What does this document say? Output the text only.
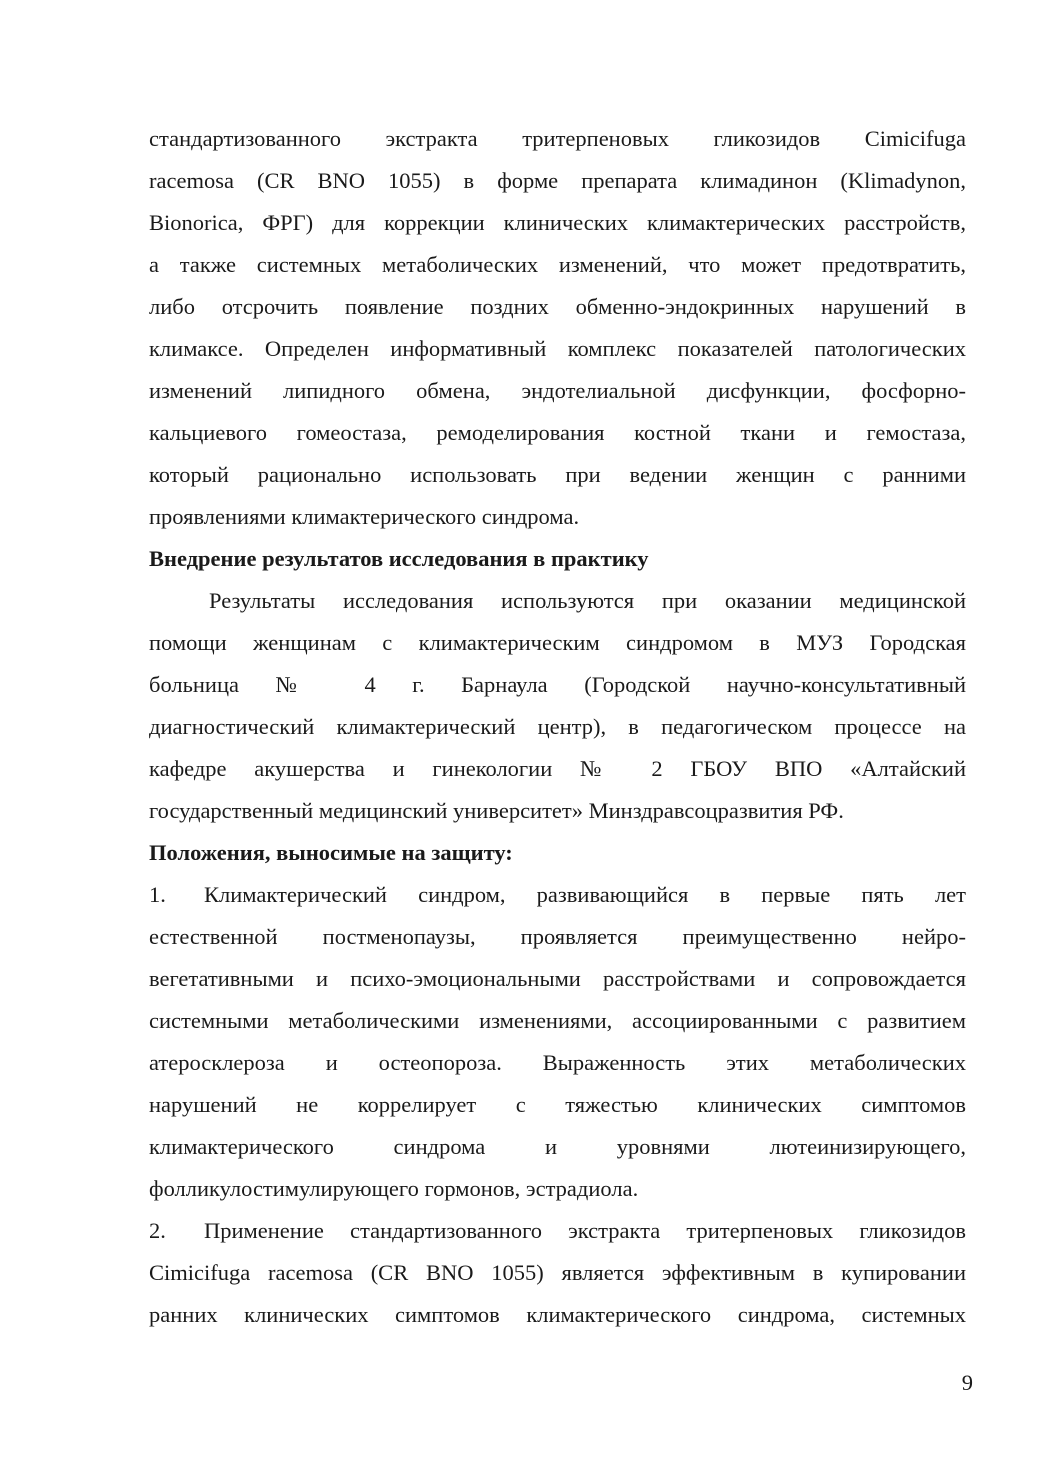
стандартизованного экстракта тритерпеновых гликозидов Cimicifuga
racemosa (CR BNO 1055) в форме препарата климадинон (Klimadynon,
Bionorica, ФРГ) для коррекции клинических климактерических расстройств,
а также системных метаболических изменений, что может предотвратить,
либо отсрочить появление поздних обменно-эндокринных нарушений в
климаксе. Определен информативный комплекс показателей патологических
изменений липидного обмена, эндотелиальной дисфункции, фосфорно-
кальциевого гомеостаза, ремоделирования костной ткани и гемостаза,
который рационально использовать при ведении женщин с ранними
проявлениями климактерического синдрома.
Внедрение результатов исследования в практику
Результаты исследования используются при оказании медицинской
помощи женщинам с климактерическим синдромом в МУЗ Городская
больница № 4 г. Барнаула (Городской научно-консультативный
диагностический климактерический центр), в педагогическом процессе на
кафедре акушерства и гинекологии № 2 ГБОУ ВПО «Алтайский
государственный медицинский университет» Минздравсоцразвития РФ.
Положения, выносимые на защиту:
1.	Климактерический синдром, развивающийся в первые пять лет
естественной постменопаузы, проявляется преимущественно нейро-
вегетативными и психо-эмоциональными расстройствами и сопровождается
системными метаболическими изменениями, ассоциированными с развитием
атеросклероза и остеопороза. Выраженность этих метаболических
нарушений не коррелирует с тяжестью клинических симптомов
климактерического синдрома и уровнями лютеинизирующего,
фолликулостимулирующего гормонов, эстрадиола.
2.	Применение стандартизованного экстракта тритерпеновых гликозидов
Cimicifuga racemosa (CR BNO 1055) является эффективным в купировании
ранних клинических симптомов климактерического синдрома, системных
9
